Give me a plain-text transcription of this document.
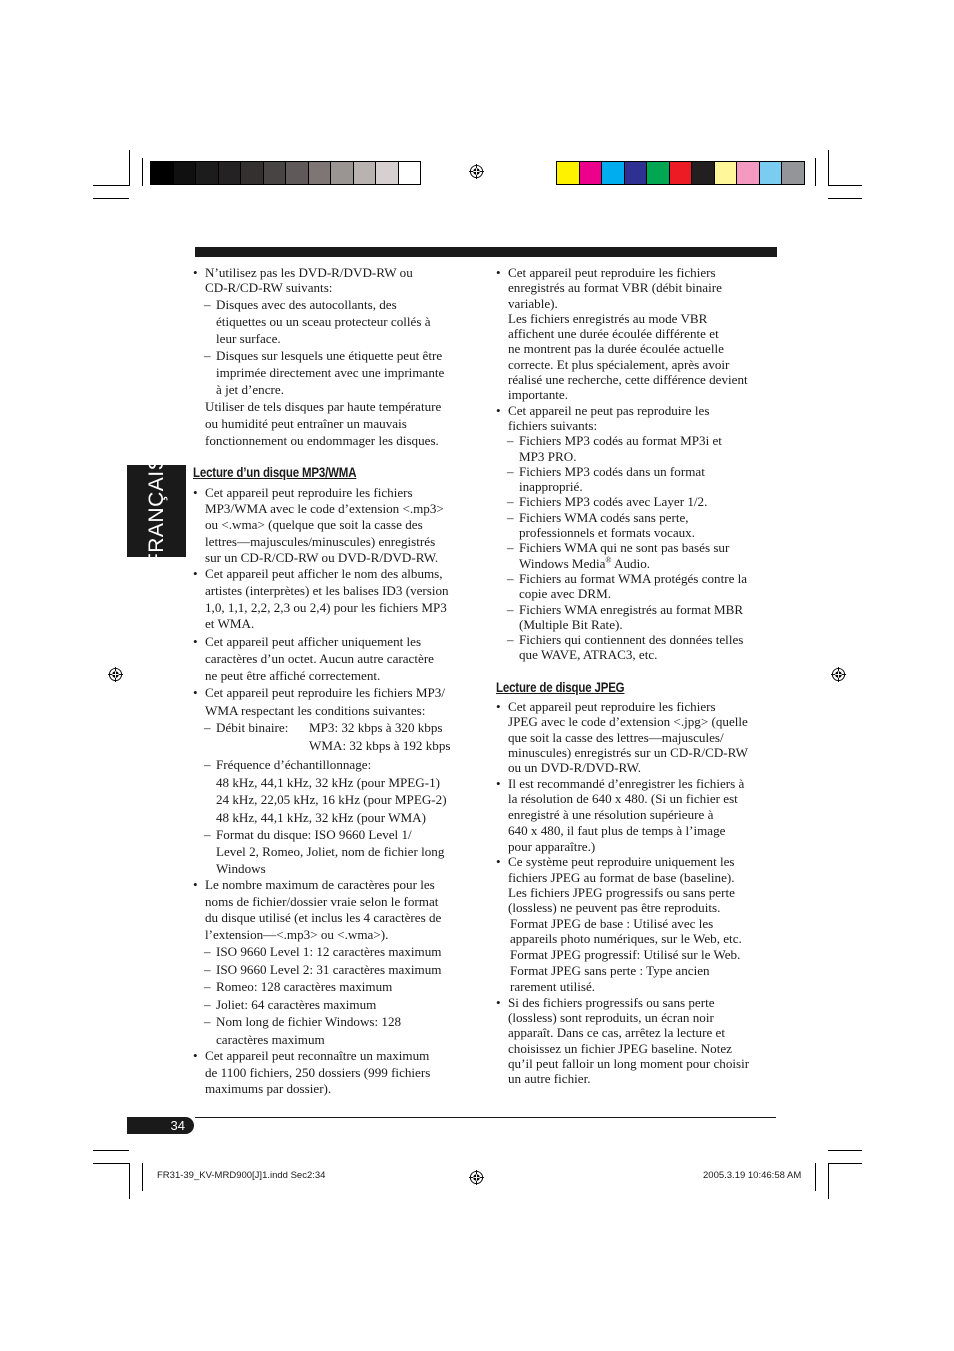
FRANÇAIS

• N’utilisez pas les DVD-R/DVD-RW ou
CD-R/CD-RW suivants:

– Disques avec des autocollants, des
étiquettes ou un sceau protecteur collés à
leur surface.

– Disques sur lesquels une étiquette peut être
imprimée directement avec une imprimante
à jet d’encre.

Utiliser de tels disques par haute température
ou humidité peut entraîner un mauvais
fonctionnement ou endommager les disques.

Lecture d’un disque MP3/WMA

• Cet appareil peut reproduire les fichiers
MP3/WMA avec le code d’extension <.mp3>
ou <.wma> (quelque que soit la casse des
lettres—majuscules/minuscules) enregistrés
sur un CD-R/CD-RW ou DVD-R/DVD-RW.

• Cet appareil peut afficher le nom des albums,
artistes (interprètes) et les balises ID3 (version
1,0, 1,1, 2,2, 2,3 ou 2,4) pour les fichiers MP3
et WMA.

• Cet appareil peut afficher uniquement les
caractères d’un octet. Aucun autre caractère
ne peut être affiché correctement.

• Cet appareil peut reproduire les fichiers MP3/
WMA respectant les conditions suivantes:

– Débit binaire: MP3: 32 kbps à 320 kbps

WMA: 32 kbps à 192 kbps

– Fréquence d’échantillonnage:
48 kHz, 44,1 kHz, 32 kHz (pour MPEG-1)
24 kHz, 22,05 kHz, 16 kHz (pour MPEG-2)
48 kHz, 44,1 kHz, 32 kHz (pour WMA)

– Format du disque: ISO 9660 Level 1/
Level 2, Romeo, Joliet, nom de fichier long
Windows

• Le nombre maximum de caractères pour les
noms de fichier/dossier vraie selon le format
du disque utilisé (et inclus les 4 caractères de
l’extension—<.mp3> ou <.wma>).

– ISO 9660 Level 1: 12 caractères maximum

– ISO 9660 Level 2: 31 caractères maximum

– Romeo: 128 caractères maximum

– Joliet: 64 caractères maximum

– Nom long de fichier Windows: 128
caractères maximum

• Cet appareil peut reconnaître un maximum
de 1100 fichiers, 250 dossiers (999 fichiers
maximums par dossier).

• Cet appareil peut reproduire les fichiers
enregistrés au format VBR (débit binaire
variable).

Les fichiers enregistrés au mode VBR
affichent une durée écoulée différente et
ne montrent pas la durée écoulée actuelle
correcte. Et plus spécialement, après avoir
réalisé une recherche, cette différence devient
importante.

• Cet appareil ne peut pas reproduire les
fichiers suivants:

– Fichiers MP3 codés au format MP3i et
MP3 PRO.

– Fichiers MP3 codés dans un format
inapproprié.

– Fichiers MP3 codés avec Layer 1/2.

– Fichiers WMA codés sans perte,
professionnels et formats vocaux.

– Fichiers WMA qui ne sont pas basés sur
Windows Media® Audio.

– Fichiers au format WMA protégés contre la
copie avec DRM.

– Fichiers WMA enregistrés au format MBR
(Multiple Bit Rate).

– Fichiers qui contiennent des données telles
que WAVE, ATRAC3, etc.

Lecture de disque JPEG

• Cet appareil peut reproduire les fichiers
JPEG avec le code d’extension <.jpg> (quelle
que soit la casse des lettres—majuscules/
minuscules) enregistrés sur un CD-R/CD-RW
ou un DVD-R/DVD-RW.

• Il est recommandé d’enregistrer les fichiers à
la résolution de 640 x 480. (Si un fichier est
enregistré à une résolution supérieure à
640 x 480, il faut plus de temps à l’image
pour apparaître.)

• Ce système peut reproduire uniquement les
fichiers JPEG au format de base (baseline).
Les fichiers JPEG progressifs ou sans perte
(lossless) ne peuvent pas être reproduits.

Format JPEG de base : Utilisé avec les
appareils photo numériques, sur le Web, etc.
Format JPEG progressif: Utilisé sur le Web.
Format JPEG sans perte : Type ancien
rarement utilisé.

• Si des fichiers progressifs ou sans perte
(lossless) sont reproduits, un écran noir
apparaît. Dans ce cas, arrêtez la lecture et
choisissez un fichier JPEG baseline. Notez
qu’il peut falloir un long moment pour choisir
un autre fichier.

34
FR31-39_KV-MRD900[J]1.indd Sec2:34	2005.3.19 10:46:58 AM
